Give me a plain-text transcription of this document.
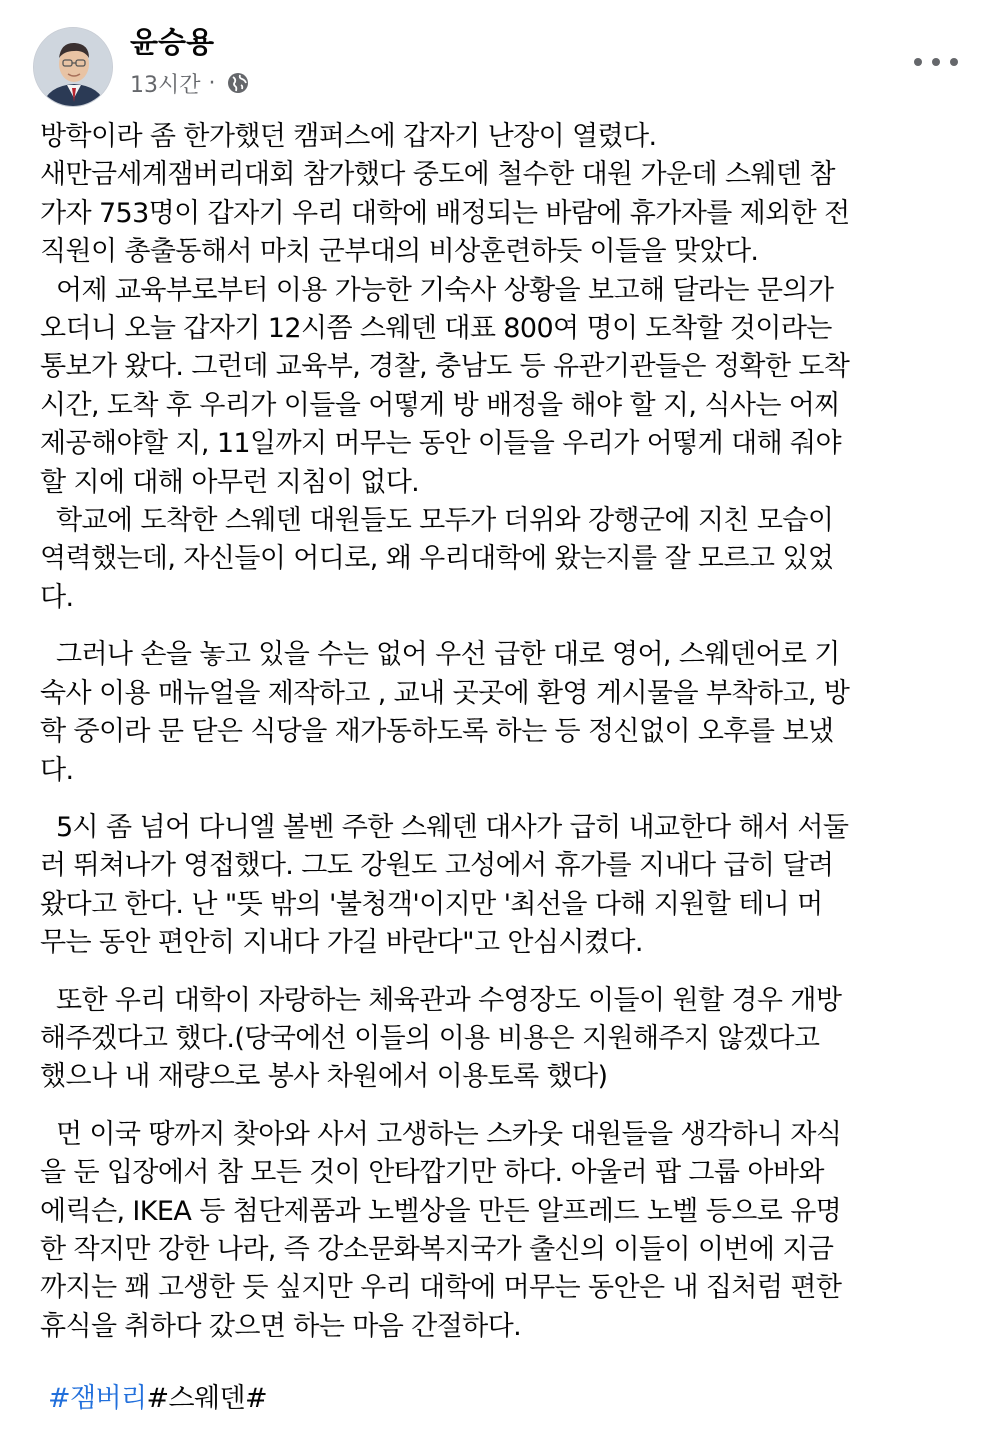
윤승용
13시간 ·
방학이라 좀 한가했던 캠퍼스에 갑자기 난장이 열렸다.
새만금세계잼버리대회 참가했다 중도에 철수한 대원 가운데 스웨덴 참
가자 753명이 갑자기 우리 대학에 배정되는 바람에 휴가자를 제외한 전
직원이 총출동해서 마치 군부대의 비상훈련하듯 이들을 맞았다.
어제 교육부로부터 이용 가능한 기숙사 상황을 보고해 달라는 문의가
오더니 오늘 갑자기 12시쯤 스웨덴 대표 800여 명이 도착할 것이라는
통보가 왔다. 그런데 교육부, 경찰, 충남도 등 유관기관들은 정확한 도착
시간, 도착 후 우리가 이들을 어떻게 방 배정을 해야 할 지, 식사는 어찌
제공해야할 지, 11일까지 머무는 동안 이들을 우리가 어떻게 대해 줘야
할 지에 대해 아무런 지침이 없다.
학교에 도착한 스웨덴 대원들도 모두가 더위와 강행군에 지친 모습이
역력했는데, 자신들이 어디로, 왜 우리대학에 왔는지를 잘 모르고 있었
다.
그러나 손을 놓고 있을 수는 없어 우선 급한 대로 영어, 스웨덴어로 기
숙사 이용 매뉴얼을 제작하고 , 교내 곳곳에 환영 게시물을 부착하고, 방
학 중이라 문 닫은 식당을 재가동하도록 하는 등 정신없이 오후를 보냈
다.
5시 좀 넘어 다니엘 볼벤 주한 스웨덴 대사가 급히 내교한다 해서 서둘
러 뛰쳐나가 영접했다. 그도 강원도 고성에서 휴가를 지내다 급히 달려
왔다고 한다. 난 "뜻 밖의 '불청객'이지만 '최선을 다해 지원할 테니 머
무는 동안 편안히 지내다 가길 바란다"고 안심시켰다.
또한 우리 대학이 자랑하는 체육관과 수영장도 이들이 원할 경우 개방
해주겠다고 했다.(당국에선 이들의 이용 비용은 지원해주지 않겠다고
했으나 내 재량으로 봉사 차원에서 이용토록 했다)
먼 이국 땅까지 찾아와 사서 고생하는 스카웃 대원들을 생각하니 자식
을 둔 입장에서 참 모든 것이 안타깝기만 하다. 아울러 팝 그룹 아바와
에릭슨, IKEA 등 첨단제품과 노벨상을 만든 알프레드 노벨 등으로 유명
한 작지만 강한 나라, 즉 강소문화복지국가 출신의 이들이 이번에 지금
까지는 꽤 고생한 듯 싶지만 우리 대학에 머무는 동안은 내 집처럼 편한
휴식을 취하다 갔으면 하는 마음 간절하다.
#잼버리#스웨덴#
